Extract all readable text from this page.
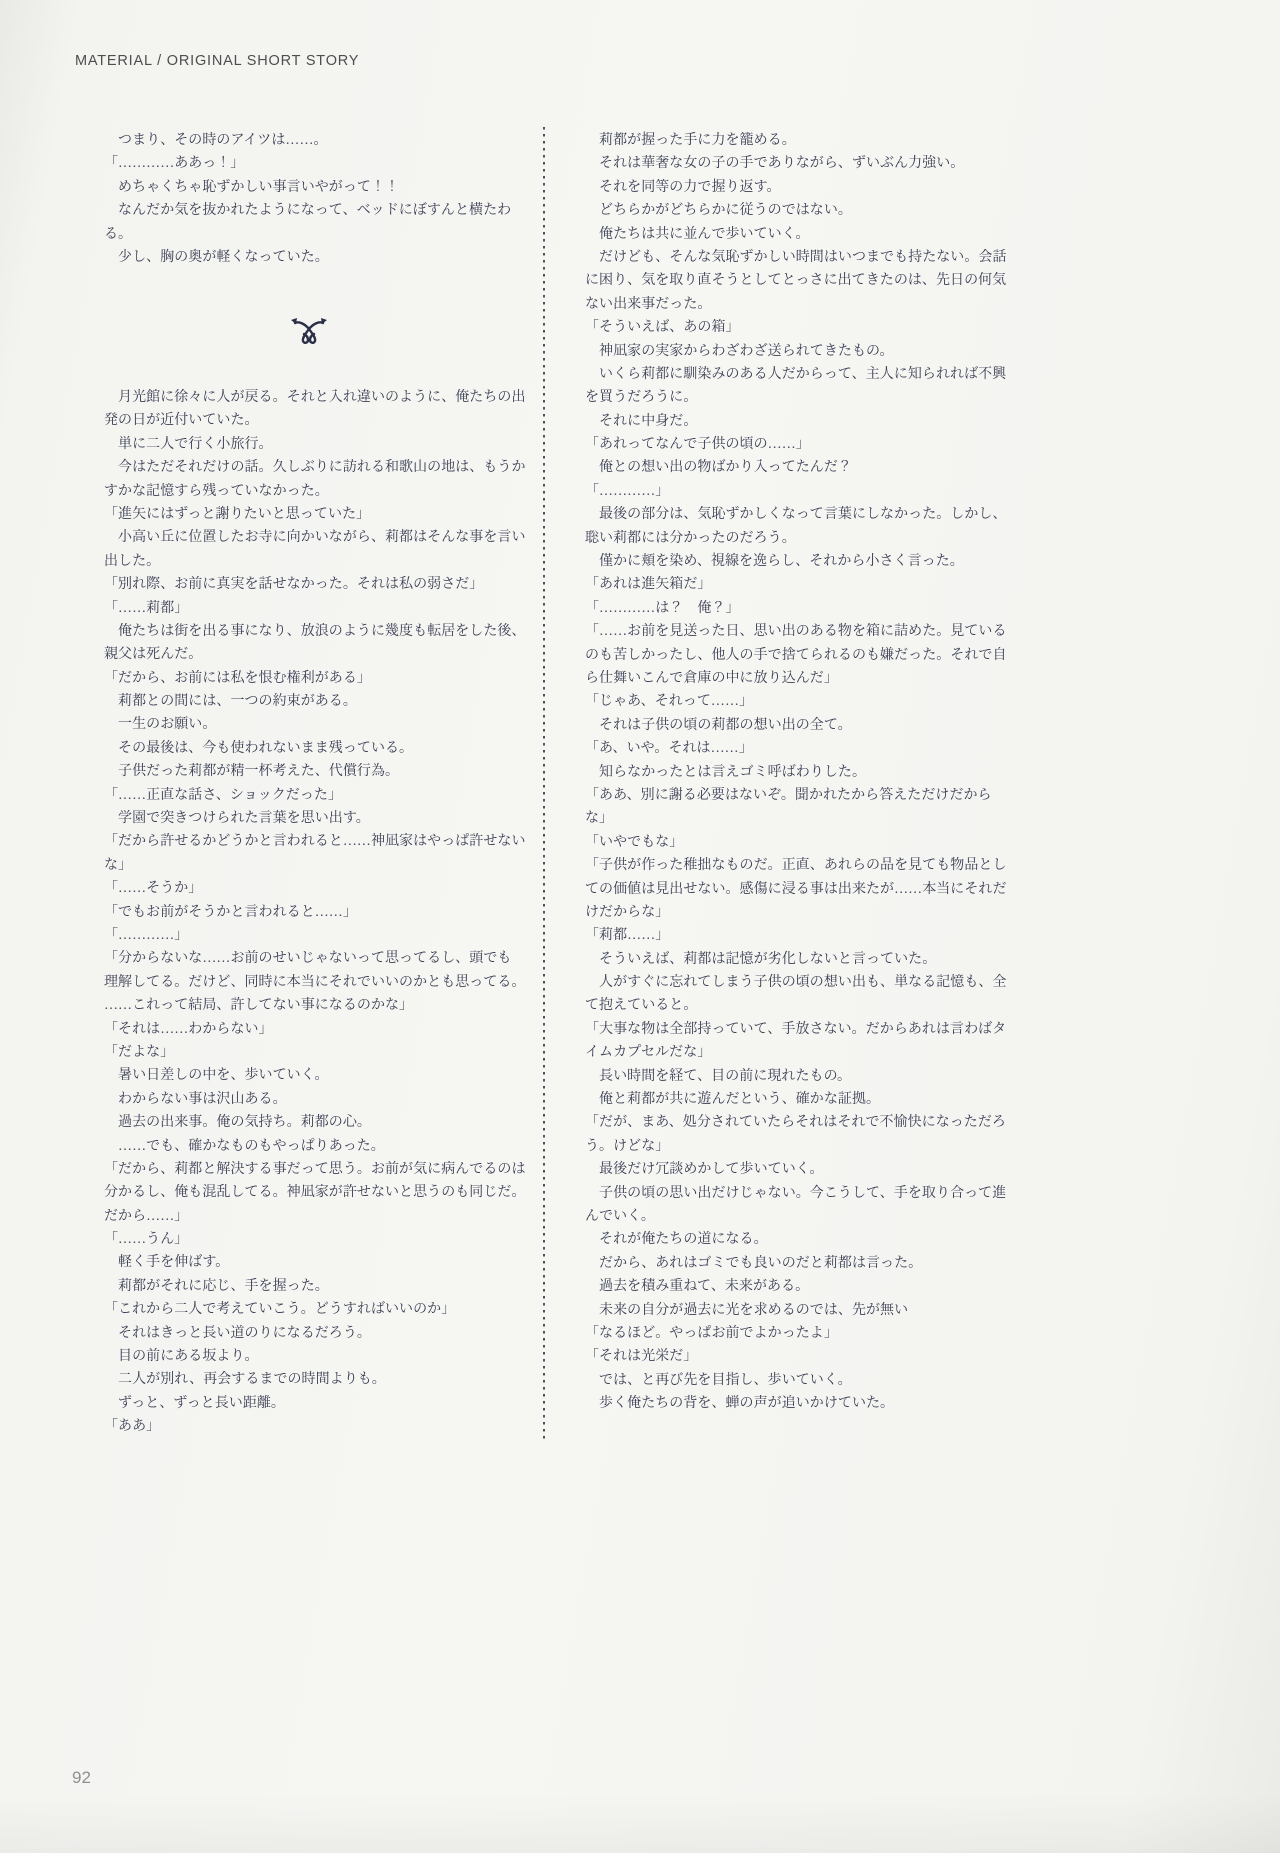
MATERIAL / ORIGINAL SHORT STORY
　つまり、その時のアイツは……。
「…………ああっ！」
　めちゃくちゃ恥ずかしい事言いやがって！！
　なんだか気を抜かれたようになって、ベッドにぼすんと横たわ
る。
　少し、胸の奥が軽くなっていた。
　月光館に徐々に人が戻る。それと入れ違いのように、俺たちの出
発の日が近付いていた。
　単に二人で行く小旅行。
　今はただそれだけの話。久しぶりに訪れる和歌山の地は、もうか
すかな記憶すら残っていなかった。
「進矢にはずっと謝りたいと思っていた」
　小高い丘に位置したお寺に向かいながら、莉都はそんな事を言い
出した。
「別れ際、お前に真実を話せなかった。それは私の弱さだ」
「……莉都」
　俺たちは街を出る事になり、放浪のように幾度も転居をした後、
親父は死んだ。
「だから、お前には私を恨む権利がある」
　莉都との間には、一つの約束がある。
　一生のお願い。
　その最後は、今も使われないまま残っている。
　子供だった莉都が精一杯考えた、代償行為。
「……正直な話さ、ショックだった」
　学園で突きつけられた言葉を思い出す。
「だから許せるかどうかと言われると……神凪家はやっぱ許せない
な」
「……そうか」
「でもお前がそうかと言われると……」
「…………」
「分からないな……お前のせいじゃないって思ってるし、頭でも
理解してる。だけど、同時に本当にそれでいいのかとも思ってる。
……これって結局、許してない事になるのかな」
「それは……わからない」
「だよな」
　暑い日差しの中を、歩いていく。
　わからない事は沢山ある。
　過去の出来事。俺の気持ち。莉都の心。
　……でも、確かなものもやっぱりあった。
「だから、莉都と解決する事だって思う。お前が気に病んでるのは
分かるし、俺も混乱してる。神凪家が許せないと思うのも同じだ。
だから……」
「……うん」
　軽く手を伸ばす。
　莉都がそれに応じ、手を握った。
「これから二人で考えていこう。どうすればいいのか」
　それはきっと長い道のりになるだろう。
　目の前にある坂より。
　二人が別れ、再会するまでの時間よりも。
　ずっと、ずっと長い距離。
「ああ」
　莉都が握った手に力を籠める。
　それは華奢な女の子の手でありながら、ずいぶん力強い。
　それを同等の力で握り返す。
　どちらかがどちらかに従うのではない。
　俺たちは共に並んで歩いていく。
　だけども、そんな気恥ずかしい時間はいつまでも持たない。会話
に困り、気を取り直そうとしてとっさに出てきたのは、先日の何気
ない出来事だった。
「そういえば、あの箱」
　神凪家の実家からわざわざ送られてきたもの。
　いくら莉都に馴染みのある人だからって、主人に知られれば不興
を買うだろうに。
　それに中身だ。
「あれってなんで子供の頃の……」
　俺との想い出の物ばかり入ってたんだ？
「…………」
　最後の部分は、気恥ずかしくなって言葉にしなかった。しかし、
聡い莉都には分かったのだろう。
　僅かに頬を染め、視線を逸らし、それから小さく言った。
「あれは進矢箱だ」
「…………は？　俺？」
「……お前を見送った日、思い出のある物を箱に詰めた。見ている
のも苦しかったし、他人の手で捨てられるのも嫌だった。それで自
ら仕舞いこんで倉庫の中に放り込んだ」
「じゃあ、それって……」
　それは子供の頃の莉都の想い出の全て。
「あ、いや。それは……」
　知らなかったとは言えゴミ呼ばわりした。
「ああ、別に謝る必要はないぞ。聞かれたから答えただけだから
な」
「いやでもな」
「子供が作った稚拙なものだ。正直、あれらの品を見ても物品とし
ての価値は見出せない。感傷に浸る事は出来たが……本当にそれだ
けだからな」
「莉都……」
　そういえば、莉都は記憶が劣化しないと言っていた。
　人がすぐに忘れてしまう子供の頃の想い出も、単なる記憶も、全
て抱えていると。
「大事な物は全部持っていて、手放さない。だからあれは言わばタ
イムカプセルだな」
　長い時間を経て、目の前に現れたもの。
　俺と莉都が共に遊んだという、確かな証拠。
「だが、まあ、処分されていたらそれはそれで不愉快になっただろ
う。けどな」
　最後だけ冗談めかして歩いていく。
　子供の頃の思い出だけじゃない。今こうして、手を取り合って進
んでいく。
　それが俺たちの道になる。
　だから、あれはゴミでも良いのだと莉都は言った。
　過去を積み重ねて、未来がある。
　未来の自分が過去に光を求めるのでは、先が無い
「なるほど。やっぱお前でよかったよ」
「それは光栄だ」
　では、と再び先を目指し、歩いていく。
　歩く俺たちの背を、蝉の声が追いかけていた。
92
